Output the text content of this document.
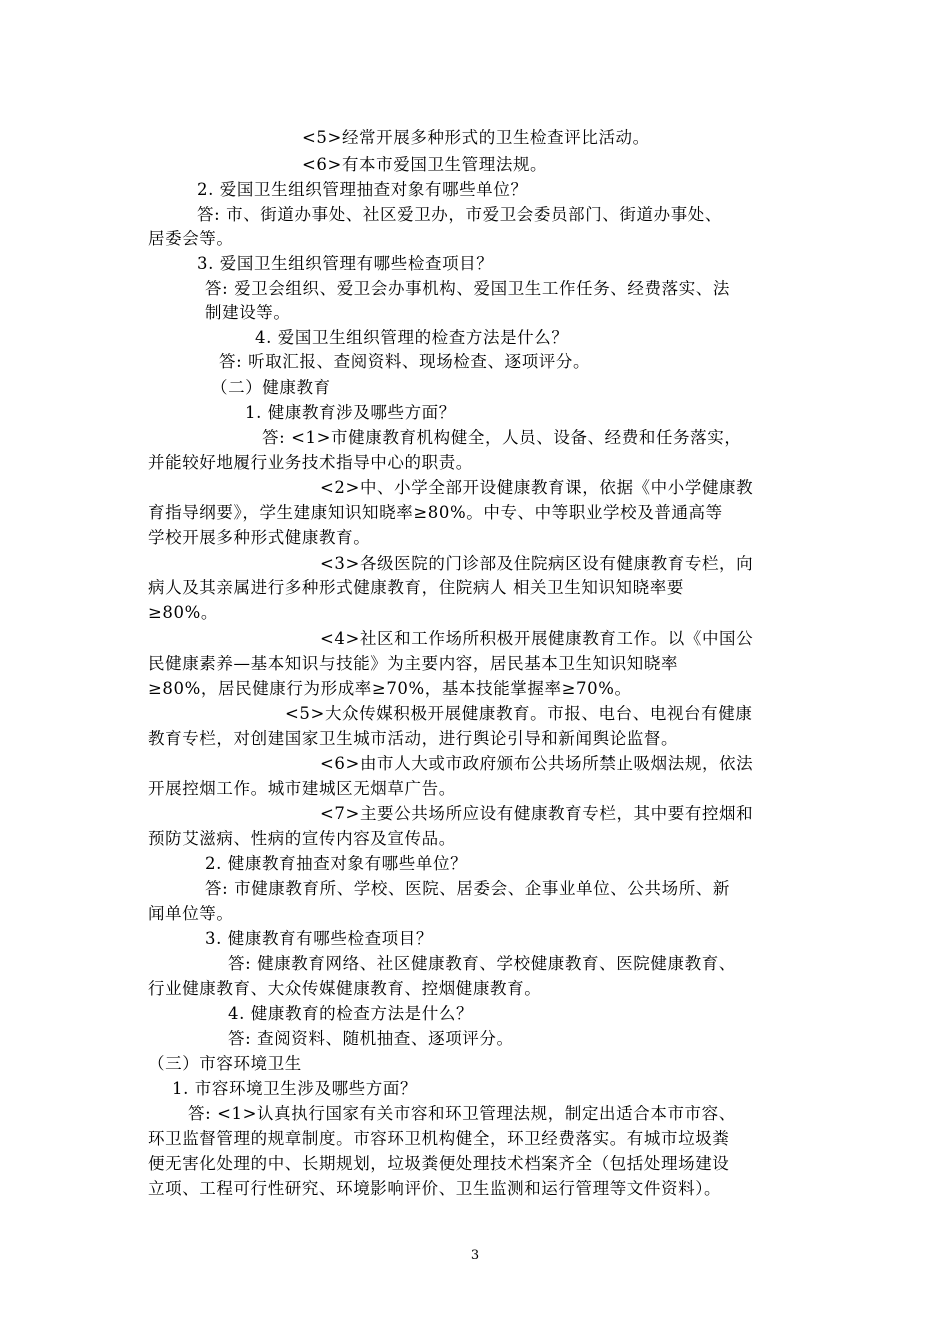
<5>经常开展多种形式的卫生检查评比活动。
<6>有本市爱国卫生管理法规。
2. 爱国卫生组织管理抽查对象有哪些单位？
答: 市、街道办事处、社区爱卫办，市爱卫会委员部门、街道办事处、
居委会等。
3. 爱国卫生组织管理有哪些检查项目？
答: 爱卫会组织、爱卫会办事机构、爱国卫生工作任务、经费落实、法
制建设等。
4. 爱国卫生组织管理的检查方法是什么？
答: 听取汇报、查阅资料、现场检查、逐项评分。
（二）健康教育
1. 健康教育涉及哪些方面？
答: <1>市健康教育机构健全，人员、设备、经费和任务落实，
并能较好地履行业务技术指导中心的职责。
<2>中、小学全部开设健康教育课，依据《中小学健康教
育指导纲要》，学生建康知识知晓率≥80%。中专、中等职业学校及普通高等
学校开展多种形式健康教育。
<3>各级医院的门诊部及住院病区设有健康教育专栏，向
病人及其亲属进行多种形式健康教育，住院病人 相关卫生知识知晓率要
≥80%。
<4>社区和工作场所积极开展健康教育工作。以《中国公
民健康素养—基本知识与技能》为主要内容，居民基本卫生知识知晓率
≥80%，居民健康行为形成率≥70%，基本技能掌握率≥70%。
<5>大众传媒积极开展健康教育。市报、电台、电视台有健康
教育专栏，对创建国家卫生城市活动，进行舆论引导和新闻舆论监督。
<6>由市人大或市政府颁布公共场所禁止吸烟法规，依法
开展控烟工作。城市建城区无烟草广告。
<7>主要公共场所应设有健康教育专栏，其中要有控烟和
预防艾滋病、性病的宣传内容及宣传品。
2. 健康教育抽查对象有哪些单位？
答: 市健康教育所、学校、医院、居委会、企事业单位、公共场所、新
闻单位等。
3. 健康教育有哪些检查项目？
答: 健康教育网络、社区健康教育、学校健康教育、医院健康教育、
行业健康教育、大众传媒健康教育、控烟健康教育。
4. 健康教育的检查方法是什么？
答: 查阅资料、随机抽查、逐项评分。
（三）市容环境卫生
1. 市容环境卫生涉及哪些方面？
答: <1>认真执行国家有关市容和环卫管理法规，制定出适合本市市容、
环卫监督管理的规章制度。市容环卫机构健全，环卫经费落实。有城市垃圾粪
便无害化处理的中、长期规划，垃圾粪便处理技术档案齐全（包括处理场建设
立项、工程可行性研究、环境影响评价、卫生监测和运行管理等文件资料）。
3
